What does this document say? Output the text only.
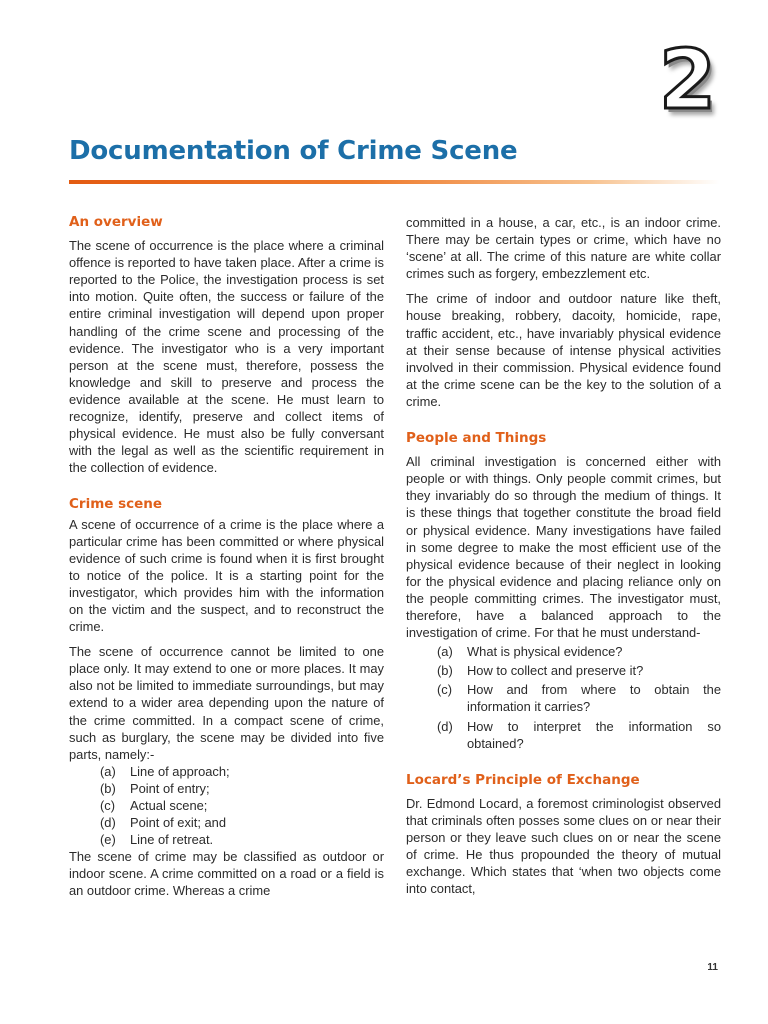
2
Documentation of Crime Scene
An overview

The scene of occurrence is the place where a criminal offence is reported to have taken place. After a crime is reported to the Police, the investigation process is set into motion. Quite often, the success or failure of the entire criminal investigation will depend upon proper handling of the crime scene and processing of the evidence. The investigator who is a very important person at the scene must, therefore, possess the knowledge and skill to preserve and process the evidence available at the scene. He must learn to recognize, identify, preserve and collect items of physical evidence. He must also be fully conversant with the legal as well as the scientific requirement in the collection of evidence.

Crime scene

A scene of occurrence of a crime is the place where a particular crime has been committed or where physical evidence of such crime is found when it is first brought to notice of the police. It is a starting point for the investigator, which provides him with the information on the victim and the suspect, and to reconstruct the crime.

The scene of occurrence cannot be limited to one place only. It may extend to one or more places. It may also not be limited to immediate surroundings, but may extend to a wider area depending upon the nature of the crime committed. In a compact scene of crime, such as burglary, the scene may be divided into five parts, namely:-

(a) Line of approach;
(b) Point of entry;
(c) Actual scene;
(d) Point of exit; and
(e) Line of retreat.

The scene of crime may be classified as outdoor or indoor scene. A crime committed on a road or a field is an outdoor crime. Whereas a crime

committed in a house, a car, etc., is an indoor crime. There may be certain types or crime, which have no ‘scene’ at all. The crime of this nature are white collar crimes such as forgery, embezzlement etc.

The crime of indoor and outdoor nature like theft, house breaking, robbery, dacoity, homicide, rape, traffic accident, etc., have invariably physical evidence at their sense because of intense physical activities involved in their commission. Physical evidence found at the crime scene can be the key to the solution of a crime.

People and Things

All criminal investigation is concerned either with people or with things. Only people commit crimes, but they invariably do so through the medium of things. It is these things that together constitute the broad field or physical evidence. Many investigations have failed in some degree to make the most efficient use of the physical evidence because of their neglect in looking for the physical evidence and placing reliance only on the people committing crimes. The investigator must, therefore, have a balanced approach to the investigation of crime. For that he must understand-

(a) What is physical evidence?
(b) How to collect and preserve it?
(c) How and from where to obtain the information it carries?
(d) How to interpret the information so obtained?
Locard’s Principle of Exchange

Dr. Edmond Locard, a foremost criminologist observed that criminals often posses some clues on or near their person or they leave such clues on or near the scene of crime. He thus propounded the theory of mutual exchange. Which states that ‘when two objects come into contact,

11
